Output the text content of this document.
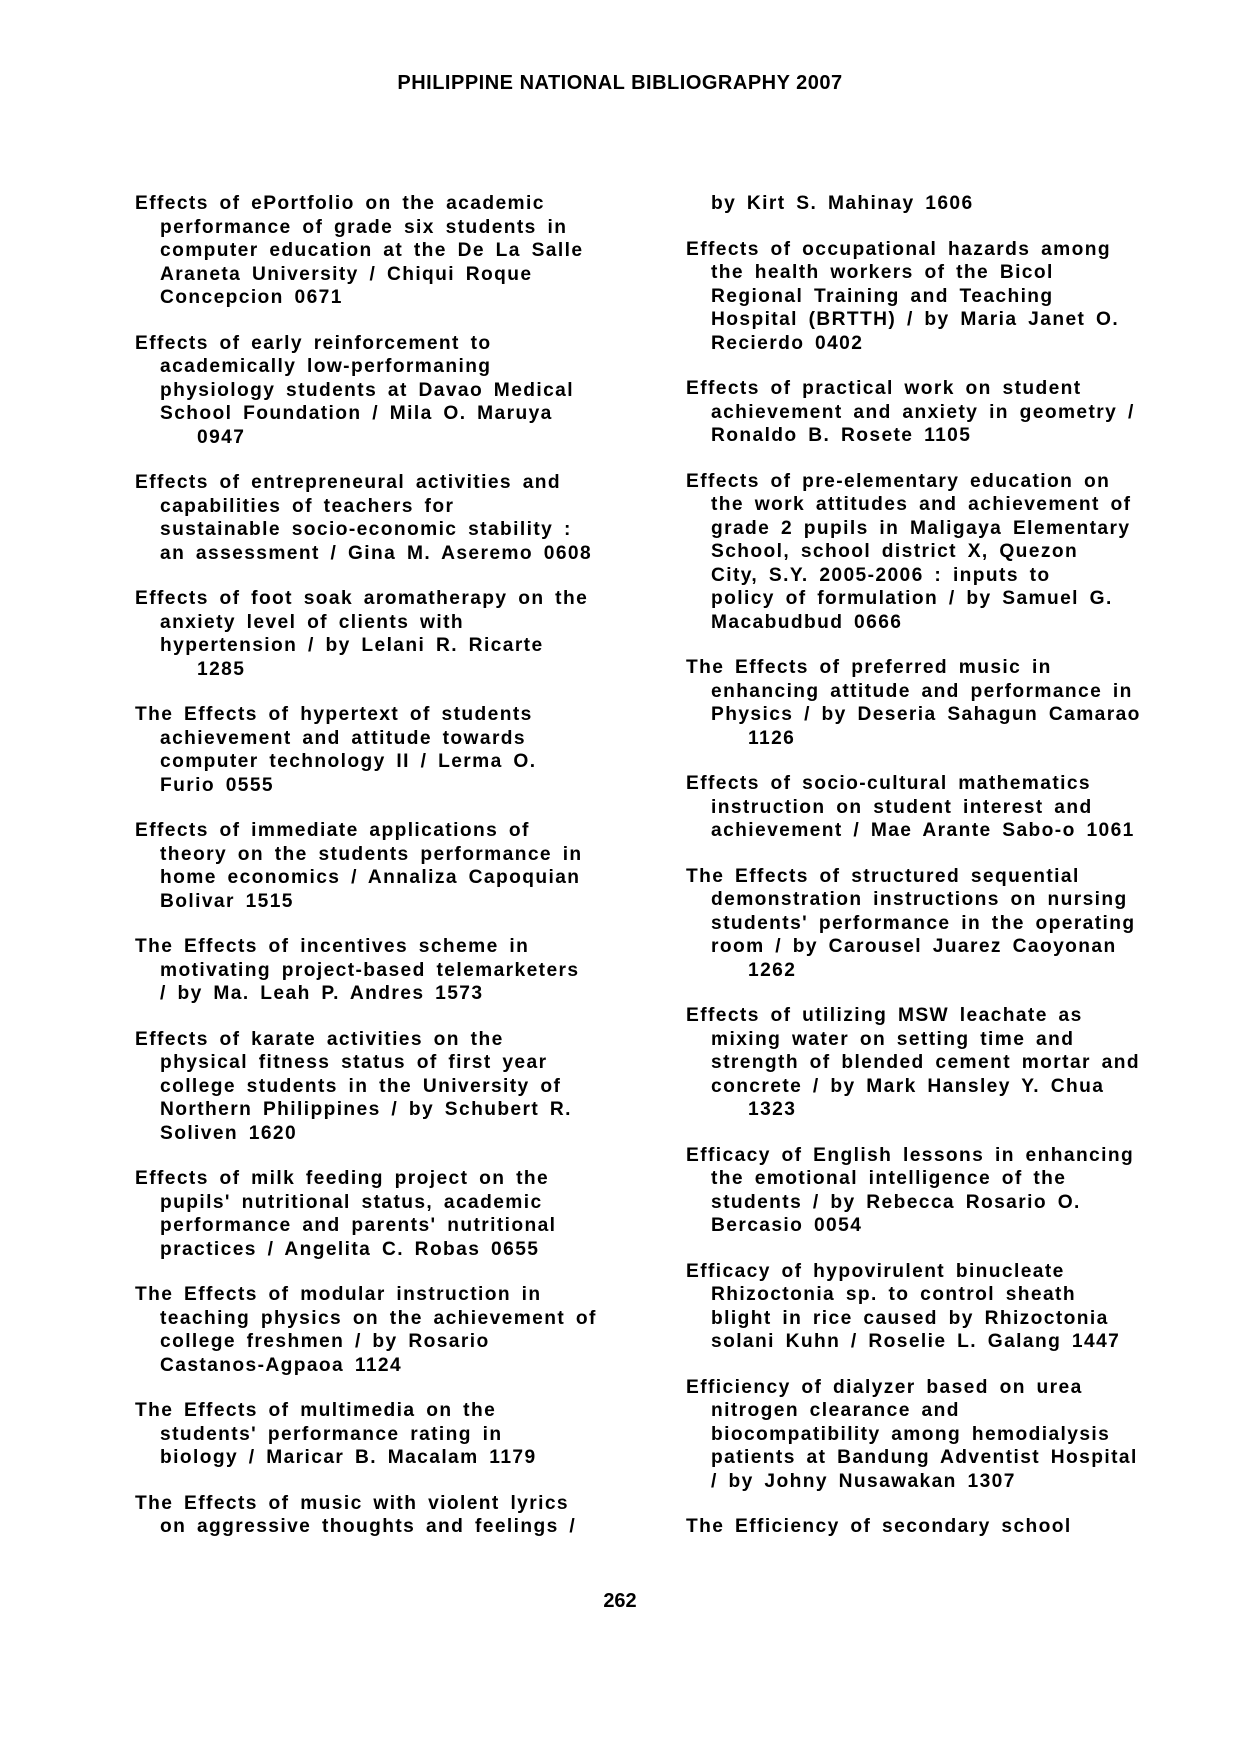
PHILIPPINE NATIONAL BIBLIOGRAPHY 2007
Effects of ePortfolio on the academic
performance of grade six students in
computer education at the De La Salle
Araneta University / Chiqui Roque
Concepcion 0671
Effects of early reinforcement to
academically low-performaning
physiology students at Davao Medical
School Foundation / Mila O. Maruya
0947
Effects of entrepreneural activities and
capabilities of teachers for
sustainable socio-economic stability :
an assessment / Gina M. Aseremo 0608
Effects of foot soak aromatherapy on the
anxiety level of clients with
hypertension / by Lelani R. Ricarte
1285
The Effects of hypertext of students
achievement and attitude towards
computer technology II / Lerma O.
Furio 0555
Effects of immediate applications of
theory on the students performance in
home economics / Annaliza Capoquian
Bolivar 1515
The Effects of incentives scheme in
motivating project-based telemarketers
/ by Ma. Leah P. Andres 1573
Effects of karate activities on the
physical fitness status of first year
college students in the University of
Northern Philippines / by Schubert R.
Soliven 1620
Effects of milk feeding project on the
pupils' nutritional status, academic
performance and parents' nutritional
practices / Angelita C. Robas 0655
The Effects of modular instruction in
teaching physics on the achievement of
college freshmen / by Rosario
Castanos-Agpaoa 1124
The Effects of multimedia on the
students' performance rating in
biology / Maricar B. Macalam 1179
The Effects of music with violent lyrics
on aggressive thoughts and feelings /
by Kirt S. Mahinay 1606
Effects of occupational hazards among
the health workers of the Bicol
Regional Training and Teaching
Hospital (BRTTH) / by Maria Janet O.
Recierdo 0402
Effects of practical work on student
achievement and anxiety in geometry /
Ronaldo B. Rosete 1105
Effects of pre-elementary education on
the work attitudes and achievement of
grade 2 pupils in Maligaya Elementary
School, school district X, Quezon
City, S.Y. 2005-2006 : inputs to
policy of formulation / by Samuel G.
Macabudbud 0666
The Effects of preferred music in
enhancing attitude and performance in
Physics / by Deseria Sahagun Camarao
1126
Effects of socio-cultural mathematics
instruction on student interest and
achievement / Mae Arante Sabo-o 1061
The Effects of structured sequential
demonstration instructions on nursing
students' performance in the operating
room / by Carousel Juarez Caoyonan
1262
Effects of utilizing MSW leachate as
mixing water on setting time and
strength of blended cement mortar and
concrete / by Mark Hansley Y. Chua
1323
Efficacy of English lessons in enhancing
the emotional intelligence of the
students / by Rebecca Rosario O.
Bercasio 0054
Efficacy of hypovirulent binucleate
Rhizoctonia sp. to control sheath
blight in rice caused by Rhizoctonia
solani Kuhn / Roselie L. Galang 1447
Efficiency of dialyzer based on urea
nitrogen clearance and
biocompatibility among hemodialysis
patients at Bandung Adventist Hospital
/ by Johny Nusawakan 1307
The Efficiency of secondary school
262
